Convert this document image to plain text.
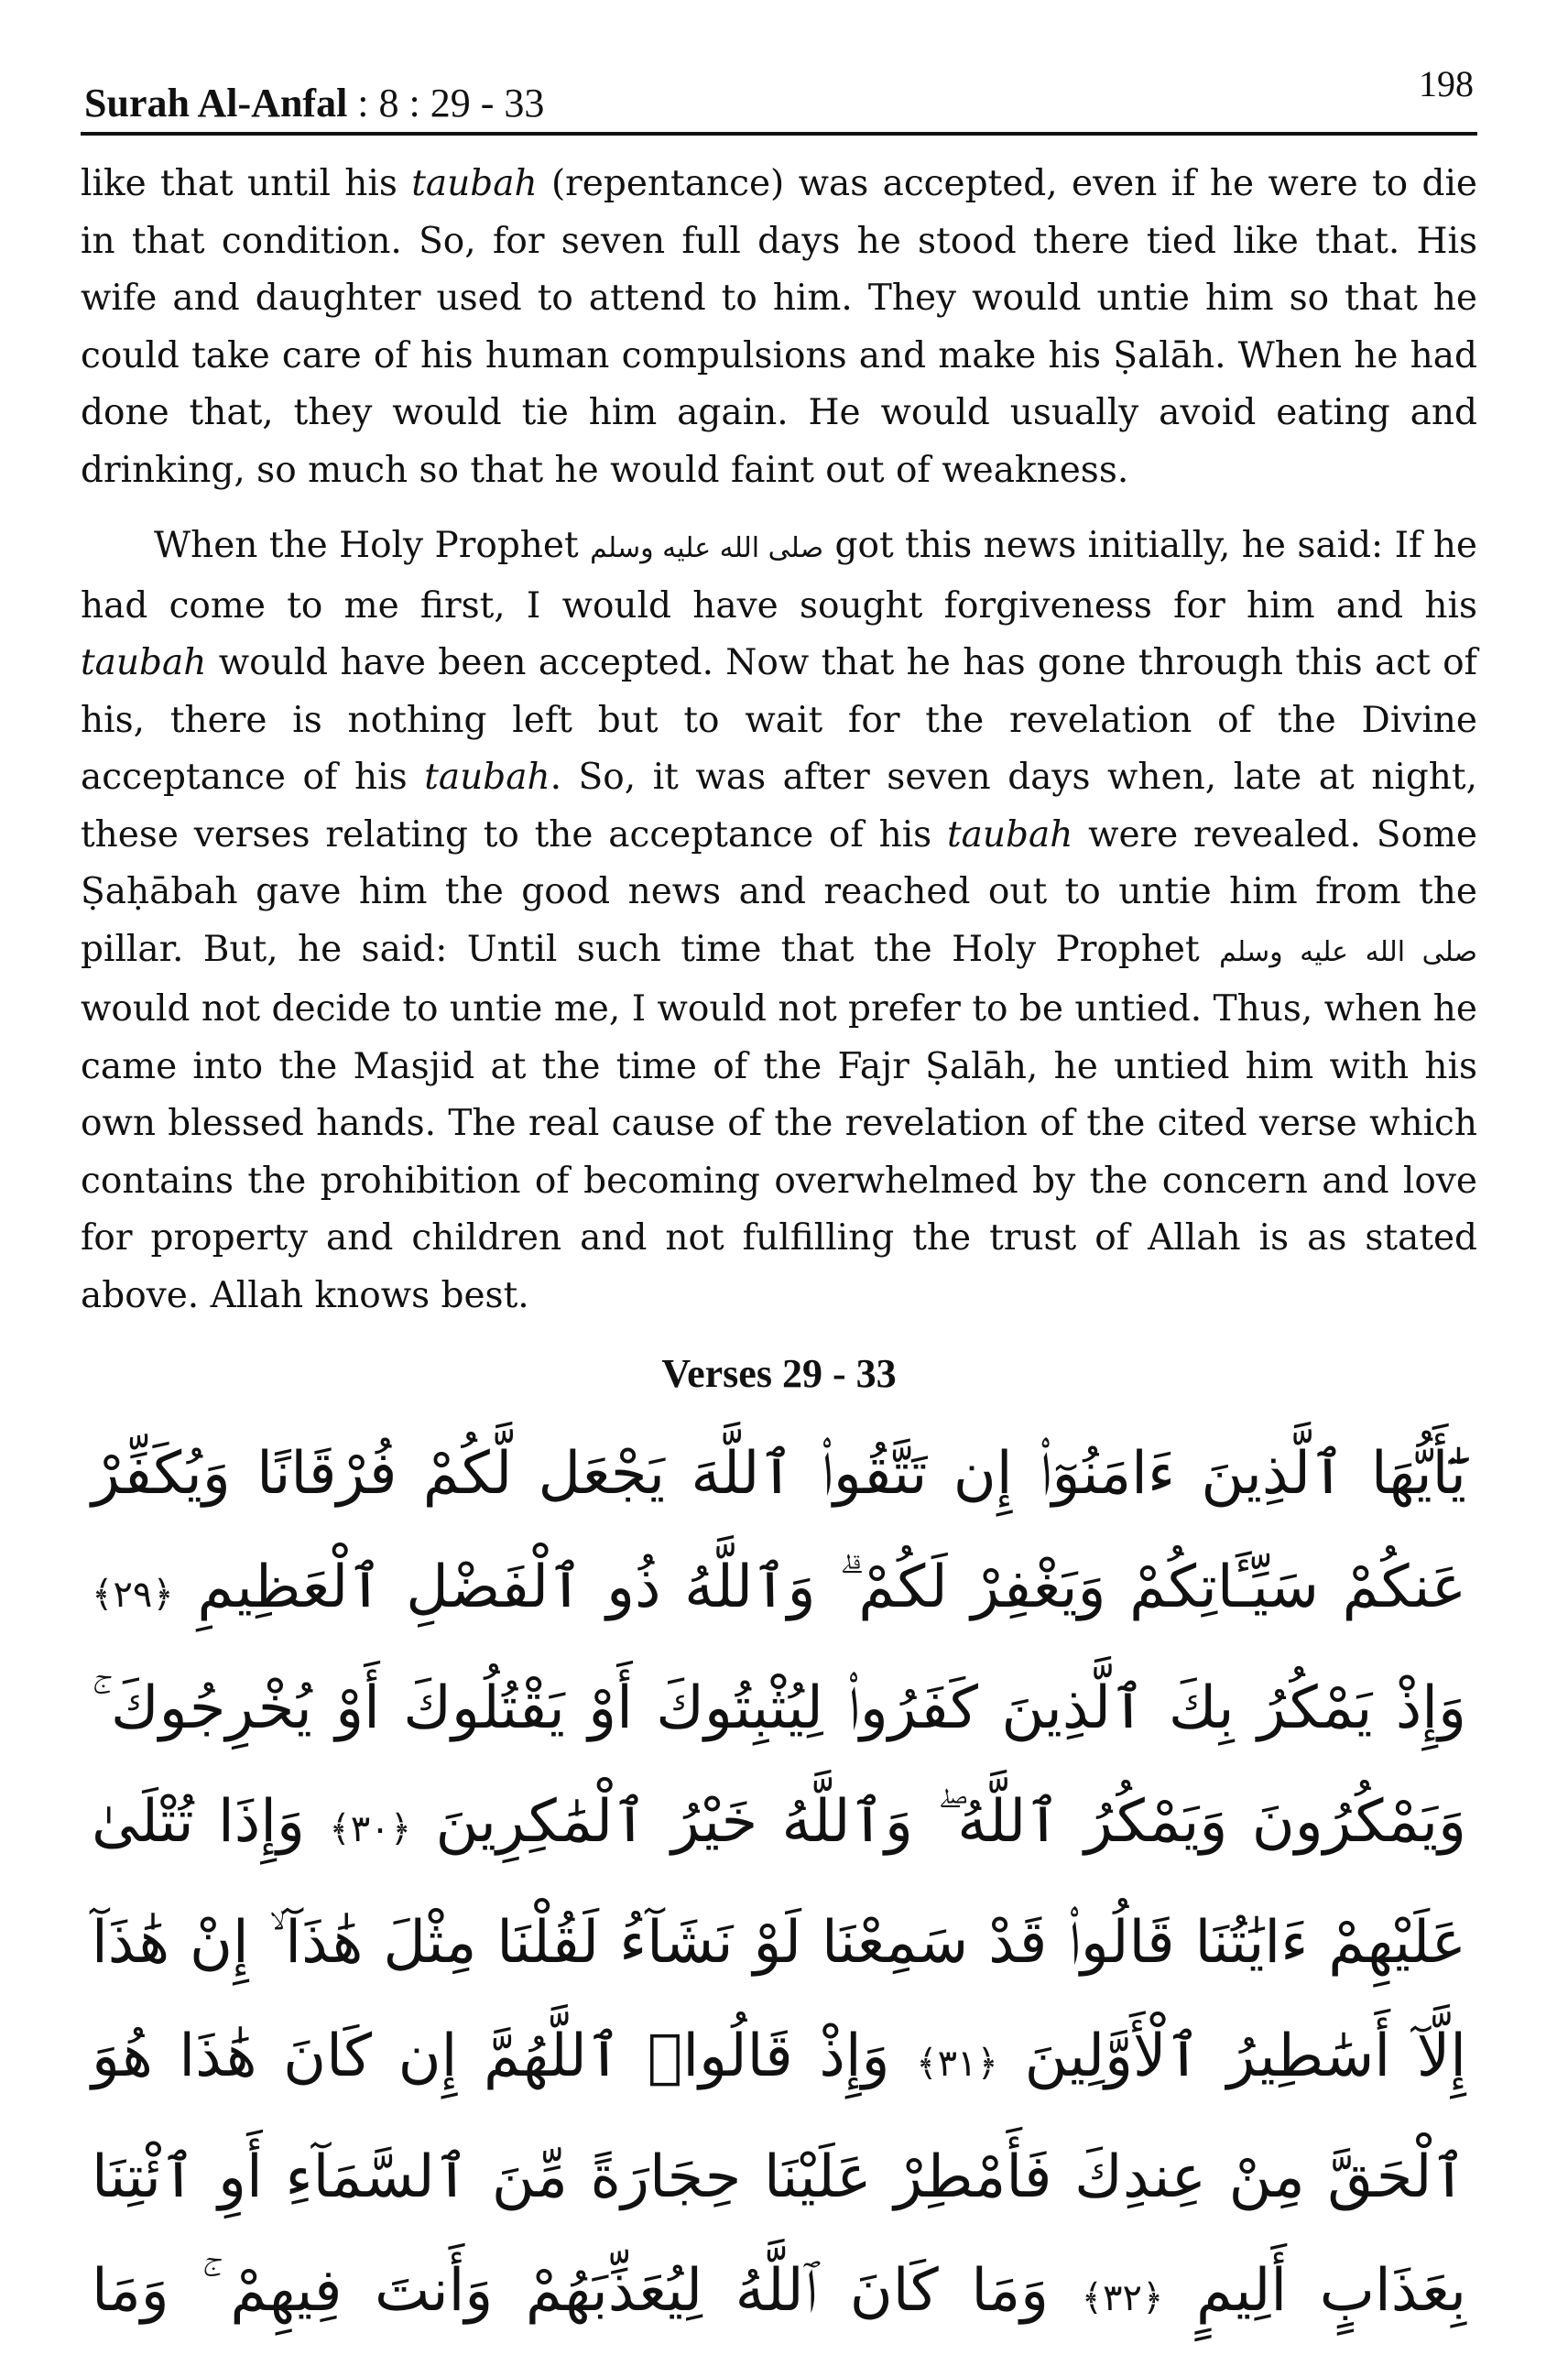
Surah Al-Anfal : 8 : 29 - 33	198

like that until his taubah (repentance) was accepted, even if he were to die in that condition. So, for seven full days he stood there tied like that. His wife and daughter used to attend to him. They would untie him so that he could take care of his human compulsions and make his Ṣalāh. When he had done that, they would tie him again. He would usually avoid eating and drinking, so much so that he would faint out of weakness.

When the Holy Prophet صلى الله عليه وسلم got this news initially, he said: If he had come to me first, I would have sought forgiveness for him and his taubah would have been accepted. Now that he has gone through this act of his, there is nothing left but to wait for the revelation of the Divine acceptance of his taubah. So, it was after seven days when, late at night, these verses relating to the acceptance of his taubah were revealed. Some Ṣaḥābah gave him the good news and reached out to untie him from the pillar. But, he said: Until such time that the Holy Prophet صلى الله عليه وسلم would not decide to untie me, I would not prefer to be untied. Thus, when he came into the Masjid at the time of the Fajr Ṣalāh, he untied him with his own blessed hands. The real cause of the revelation of the cited verse which contains the prohibition of becoming overwhelmed by the concern and love for property and children and not fulfilling the trust of Allah is as stated above. Allah knows best.

Verses 29 - 33

يَٰٓأَيُّهَا ٱلَّذِينَ ءَامَنُوٓا۟ إِن تَتَّقُوا۟ ٱللَّهَ يَجْعَل لَّكُمْ فُرْقَانًا وَيُكَفِّرْ عَنكُمْ سَيِّـَٔاتِكُمْ وَيَغْفِرْ لَكُمْ ۗ وَٱللَّهُ ذُو ٱلْفَضْلِ ٱلْعَظِيمِ ﴿٢٩﴾ وَإِذْ يَمْكُرُ بِكَ ٱلَّذِينَ كَفَرُوا۟ لِيُثْبِتُوكَ أَوْ يَقْتُلُوكَ أَوْ يُخْرِجُوكَ ۚ وَيَمْكُرُونَ وَيَمْكُرُ ٱللَّهُ ۖ وَٱللَّهُ خَيْرُ ٱلْمَٰكِرِينَ ﴿٣٠﴾ وَإِذَا تُتْلَىٰ عَلَيْهِمْ ءَايَٰتُنَا قَالُوا۟ قَدْ سَمِعْنَا لَوْ نَشَآءُ لَقُلْنَا مِثْلَ هَٰذَآ ۙ إِنْ هَٰذَآ إِلَّآ أَسَٰطِيرُ ٱلْأَوَّلِينَ ﴿٣١﴾ وَإِذْ قَالُوا۟ ٱللَّهُمَّ إِن كَانَ هَٰذَا هُوَ ٱلْحَقَّ مِنْ عِندِكَ فَأَمْطِرْ عَلَيْنَا حِجَارَةً مِّنَ ٱلسَّمَآءِ أَوِ ٱئْتِنَا بِعَذَابٍ أَلِيمٍ ﴿٣٢﴾ وَمَا كَانَ ٱللَّهُ لِيُعَذِّبَهُمْ وَأَنتَ فِيهِمْ ۚ وَمَا
